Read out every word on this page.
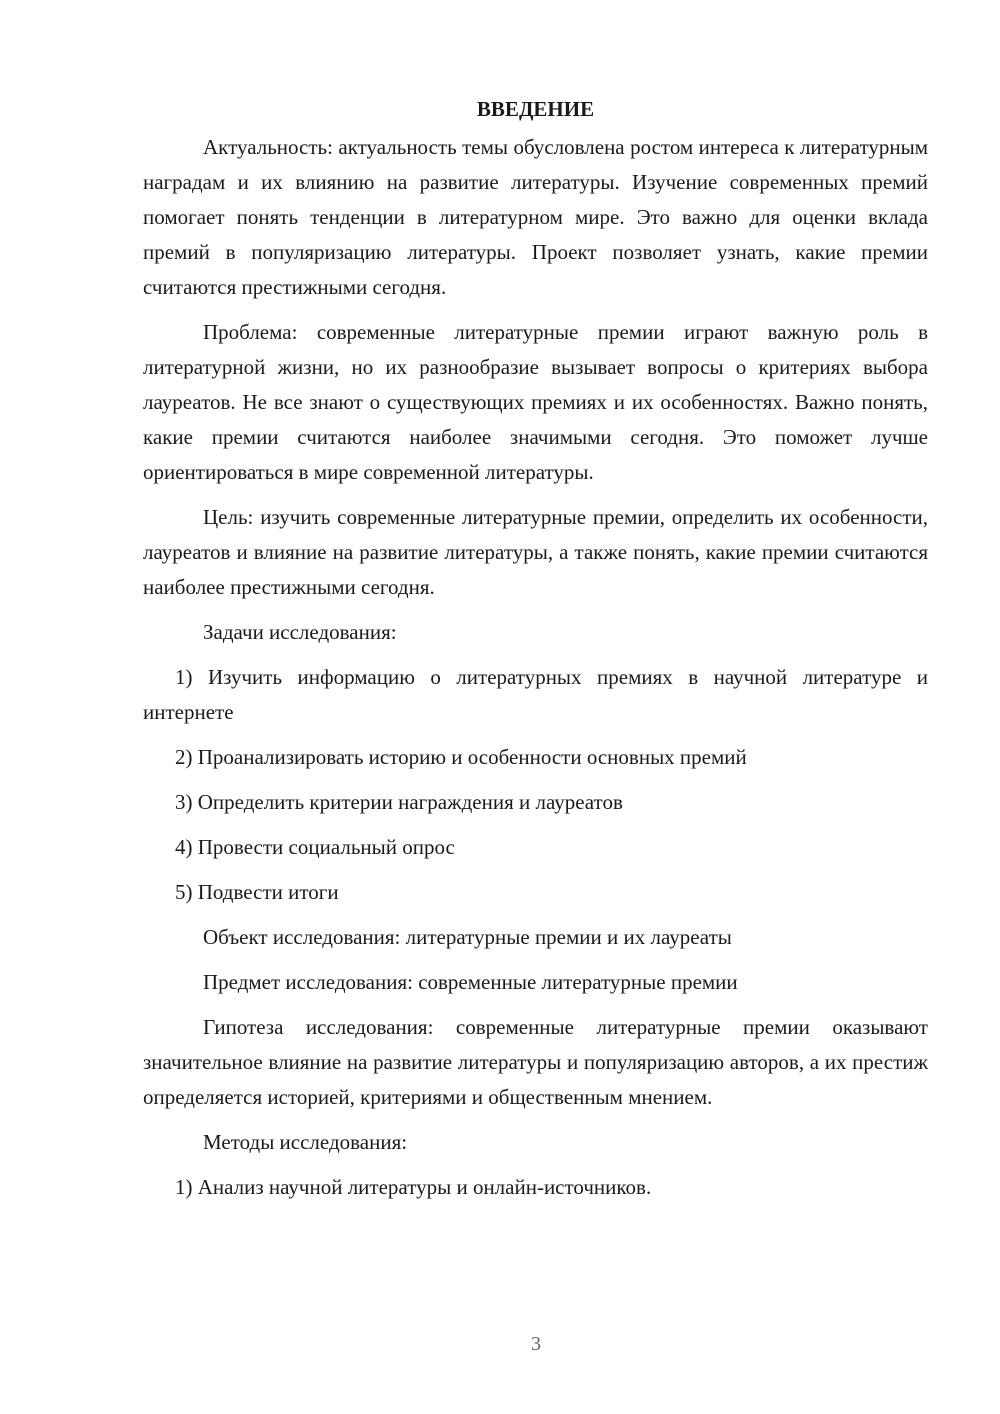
ВВЕДЕНИЕ

Актуальность: актуальность темы обусловлена ростом интереса к литературным наградам и их влиянию на развитие литературы. Изучение современных премий помогает понять тенденции в литературном мире. Это важно для оценки вклада премий в популяризацию литературы. Проект позволяет узнать, какие премии считаются престижными сегодня.

Проблема: современные литературные премии играют важную роль в литературной жизни, но их разнообразие вызывает вопросы о критериях выбора лауреатов. Не все знают о существующих премиях и их особенностях. Важно понять, какие премии считаются наиболее значимыми сегодня. Это поможет лучше ориентироваться в мире современной литературы.

Цель: изучить современные литературные премии, определить их особенности, лауреатов и влияние на развитие литературы, а также понять, какие премии считаются наиболее престижными сегодня.

Задачи исследования:

1) Изучить информацию о литературных премиях в научной литературе и интернете

2) Проанализировать историю и особенности основных премий

3) Определить критерии награждения и лауреатов

4) Провести социальный опрос

5) Подвести итоги

Объект исследования: литературные премии и их лауреаты

Предмет исследования: современные литературные премии

Гипотеза исследования: современные литературные премии оказывают значительное влияние на развитие литературы и популяризацию авторов, а их престиж определяется историей, критериями и общественным мнением.

Методы исследования:

1) Анализ научной литературы и онлайн-источников.

3
